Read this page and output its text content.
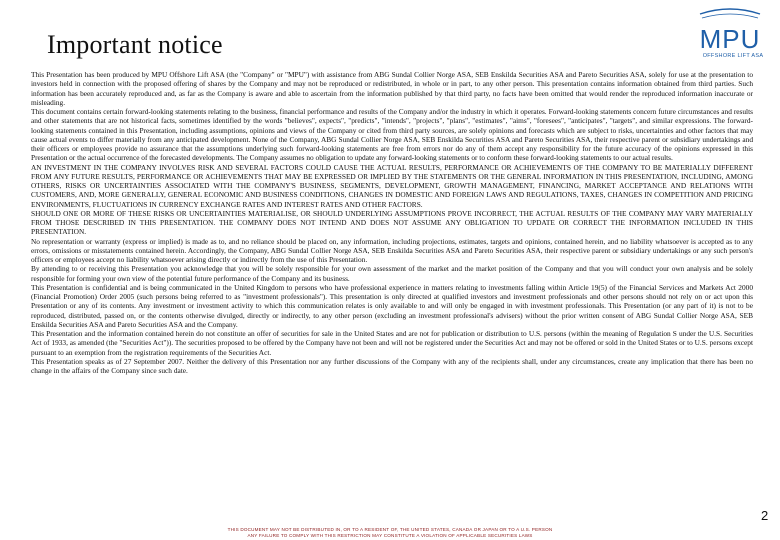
Important notice	MPU
OFFSHORE LIFT ASA

This Presentation has been produced by MPU Offshore Lift ASA (the "Company" or "MPU") with assistance from ABG Sundal Collier Norge ASA, SEB Enskilda Securities ASA and Pareto Securities ASA, solely for use at the presentation to investors held in connection with the proposed offering of shares by the Company and may not be reproduced or redistributed, in whole or in part, to any other person. This presentation contains information obtained from third parties. Such information has been accurately reproduced and, as far as the Company is aware and able to ascertain from the information published by that third party, no facts have been omitted that would render the reproduced information inaccurate or misleading.

This document contains certain forward-looking statements relating to the business, financial performance and results of the Company and/or the industry in which it operates. Forward-looking statements concern future circumstances and results and other statements that are not historical facts, sometimes identified by the words "believes", expects", "predicts", "intends", "projects", "plans", "estimates", "aims", "foresees", "anticipates", "targets", and similar expressions. The forward-looking statements contained in this Presentation, including assumptions, opinions and views of the Company or cited from third party sources, are solely opinions and forecasts which are subject to risks, uncertainties and other factors that may cause actual events to differ materially from any anticipated development. None of the Company, ABG Sundal Collier Norge ASA, SEB Enskilda Securities ASA and Pareto Securities ASA, their respective parent or subsidiary undertakings and their officers or employees provide no assurance that the assumptions underlying such forward-looking statements are free from errors nor do any of them accept any responsibility for the future accuracy of the opinions expressed in this Presentation or the actual occurrence of the forecasted developments. The Company assumes no obligation to update any forward-looking statements or to conform these forward-looking statements to our actual results.

AN INVESTMENT IN THE COMPANY INVOLVES RISK AND SEVERAL FACTORS COULD CAUSE THE ACTUAL RESULTS, PERFORMANCE OR ACHIEVEMENTS OF THE COMPANY TO BE MATERIALLY DIFFERENT FROM ANY FUTURE RESULTS, PERFORMANCE OR ACHIEVEMENTS THAT MAY BE EXPRESSED OR IMPLIED BY THE STATEMENTS OR THE GENERAL INFORMATION IN THIS PRESENTATION, INCLUDING, AMONG OTHERS, RISKS OR UNCERTAINTIES ASSOCIATED WITH THE COMPANY'S BUSINESS, SEGMENTS, DEVELOPMENT, GROWTH MANAGEMENT, FINANCING, MARKET ACCEPTANCE AND RELATIONS WITH CUSTOMERS, AND, MORE GENERALLY, GENERAL ECONOMIC AND BUSINESS CONDITIONS, CHANGES IN DOMESTIC AND FOREIGN LAWS AND REGULATIONS, TAXES, CHANGES IN COMPETITION AND PRICING ENVIRONMENTS, FLUCTUATIONS IN CURRENCY EXCHANGE RATES AND INTEREST RATES AND OTHER FACTORS.

SHOULD ONE OR MORE OF THESE RISKS OR UNCERTAINTIES MATERIALISE, OR SHOULD UNDERLYING ASSUMPTIONS PROVE INCORRECT, THE ACTUAL RESULTS OF THE COMPANY MAY VARY MATERIALLY FROM THOSE DESCRIBED IN THIS PRESENTATION. THE COMPANY DOES NOT INTEND AND DOES NOT ASSUME ANY OBLIGATION TO UPDATE OR CORRECT THE INFORMATION INCLUDED IN THIS PRESENTATION.

No representation or warranty (express or implied) is made as to, and no reliance should be placed on, any information, including projections, estimates, targets and opinions, contained herein, and no liability whatsoever is accepted as to any errors, omissions or misstatements contained herein. Accordingly, the Company, ABG Sundal Collier Norge ASA, SEB Enskilda Securities ASA and Pareto Securities ASA, their respective parent or subsidiary undertakings or any such person's officers or employees accept no liability whatsoever arising directly or indirectly from the use of this Presentation.

By attending to or receiving this Presentation you acknowledge that you will be solely responsible for your own assessment of the market and the market position of the Company and that you will conduct your own analysis and be solely responsible for forming your own view of the potential future performance of the Company and its business.

This Presentation is confidential and is being communicated in the United Kingdom to persons who have professional experience in matters relating to investments falling within Article 19(5) of the Financial Services and Markets Act 2000 (Financial Promotion) Order 2005 (such persons being referred to as "investment professionals"). This presentation is only directed at qualified investors and investment professionals and other persons should not rely on or act upon this Presentation or any of its contents. Any investment or investment activity to which this communication relates is only available to and will only be engaged in with investment professionals. This Presentation (or any part of it) is not to be reproduced, distributed, passed on, or the contents otherwise divulged, directly or indirectly, to any other person (excluding an investment professional's advisers) without the prior written consent of ABG Sundal Collier Norge ASA, SEB Enskilda Securities ASA and Pareto Securities ASA and the Company.

This Presentation and the information contained herein do not constitute an offer of securities for sale in the United States and are not for publication or distribution to U.S. persons (within the meaning of Regulation S under the U.S. Securities Act of 1933, as amended (the "Securities Act")). The securities proposed to be offered by the Company have not been and will not be registered under the Securities Act and may not be offered or sold in the United States or to U.S. persons except pursuant to an exemption from the registration requirements of the Securities Act.

This Presentation speaks as of 27 September 2007. Neither the delivery of this Presentation nor any further discussions of the Company with any of the recipients shall, under any circumstances, create any implication that there has been no change in the affairs of the Company since such date.

2
THIS DOCUMENT MAY NOT BE DISTRIBUTED IN, OR TO A RESIDENT OF, THE UNITED STATES, CANADA OR JAPAN OR TO A U.S. PERSON
ANY FAILURE TO COMPLY WITH THIS RESTRICTION MAY CONSTITUTE A VIOLATION OF APPLICABLE SECURITIES LAWS
